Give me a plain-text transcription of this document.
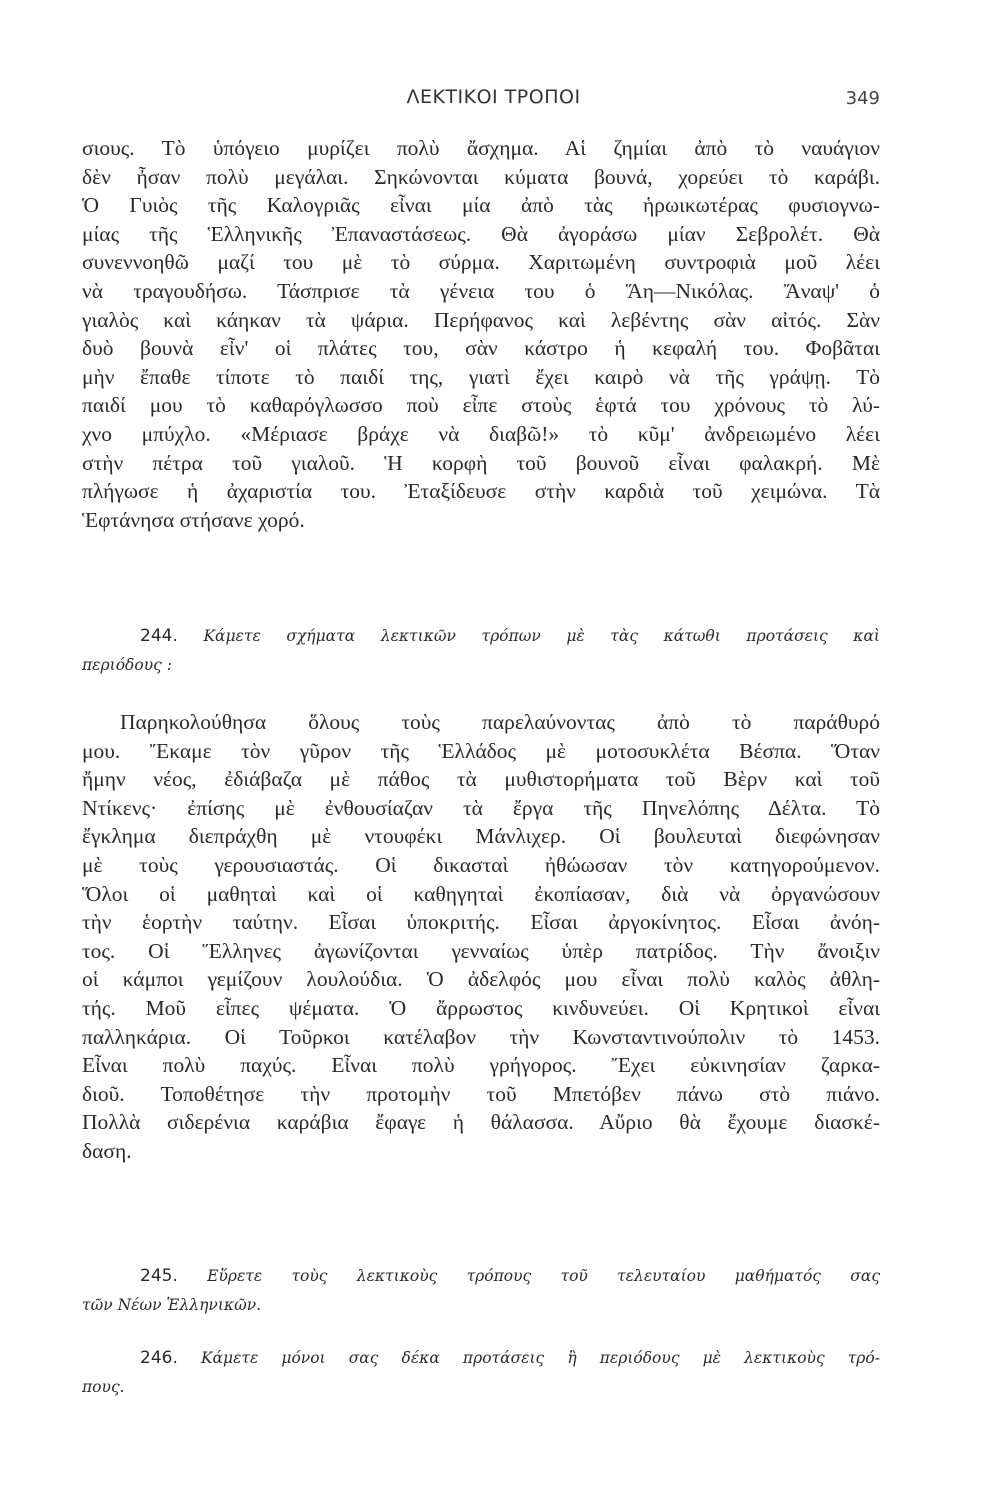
ΛΕΚΤΙΚΟΙ ΤΡΟΠΟΙ	349
σιους. Τὸ ὑπόγειο μυρίζει πολὺ ἄσχημα. Αἱ ζημίαι ἀπὸ τὸ ναυάγιον
δὲν ἦσαν πολὺ μεγάλαι. Σηκώνονται κύματα βουνά, χορεύει τὸ καράβι.
Ὁ Γυιὸς τῆς Καλογριᾶς εἶναι μία ἀπὸ τὰς ἡρωικωτέρας φυσιογνω-
μίας τῆς Ἑλληνικῆς Ἐπαναστάσεως. Θὰ ἀγοράσω μίαν Σεβρολέτ. Θὰ
συνεννοηθῶ μαζί του μὲ τὸ σύρμα. Χαριτωμένη συντροφιὰ μοῦ λέει
νὰ τραγουδήσω. Τάσπρισε τὰ γένεια του ὁ Ἅη—Νικόλας. Ἄναψ' ὁ
γιαλὸς καὶ κάηκαν τὰ ψάρια. Περήφανος καὶ λεβέντης σὰν αἰτός. Σὰν
δυὸ βουνὰ εἶν' οἱ πλάτες του, σὰν κάστρο ἡ κεφαλή του. Φοβᾶται
μὴν ἔπαθε τίποτε τὸ παιδί της, γιατὶ ἔχει καιρὸ νὰ τῆς γράψῃ. Τὸ
παιδί μου τὸ καθαρόγλωσσο ποὺ εἶπε στοὺς ἑφτά του χρόνους τὸ λύ-
χνο μπύχλο. «Μέριασε βράχε νὰ διαβῶ!» τὸ κῦμ' ἀνδρειωμένο λέει
στὴν πέτρα τοῦ γιαλοῦ. Ἡ κορφὴ τοῦ βουνοῦ εἶναι φαλακρή. Μὲ
πλήγωσε ἡ ἀχαριστία του. Ἐταξίδευσε στὴν καρδιὰ τοῦ χειμώνα. Τὰ
Ἑφτάνησα στήσανε χορό.
244. Κάμετε σχήματα λεκτικῶν τρόπων μὲ τὰς κάτωθι προτάσεις καὶ
περιόδους :
Παρηκολούθησα ὅλους τοὺς παρελαύνοντας ἀπὸ τὸ παράθυρό
μου. Ἔκαμε τὸν γῦρον τῆς Ἑλλάδος μὲ μοτοσυκλέτα Βέσπα. Ὅταν
ἤμην νέος, ἐδιάβαζα μὲ πάθος τὰ μυθιστορήματα τοῦ Βὲρν καὶ τοῦ
Ντίκενς· ἐπίσης μὲ ἐνθουσίαζαν τὰ ἔργα τῆς Πηνελόπης Δέλτα. Τὸ
ἔγκλημα διεπράχθη μὲ ντουφέκι Μάνλιχερ. Οἱ βουλευταὶ διεφώνησαν
μὲ τοὺς γερουσιαστάς. Οἱ δικασταὶ ἠθώωσαν τὸν κατηγορούμενον.
Ὅλοι οἱ μαθηταὶ καὶ οἱ καθηγηταὶ ἐκοπίασαν, διὰ νὰ ὀργανώσουν
τὴν ἑορτὴν ταύτην. Εἶσαι ὑποκριτής. Εἶσαι ἀργοκίνητος. Εἶσαι ἀνόη-
τος. Οἱ Ἕλληνες ἀγωνίζονται γενναίως ὑπὲρ πατρίδος. Τὴν ἄνοιξιν
οἱ κάμποι γεμίζουν λουλούδια. Ὁ ἀδελφός μου εἶναι πολὺ καλὸς ἀθλη-
τής. Μοῦ εἶπες ψέματα. Ὁ ἄρρωστος κινδυνεύει. Οἱ Κρητικοὶ εἶναι
παλληκάρια. Οἱ Τοῦρκοι κατέλαβον τὴν Κωνσταντινούπολιν τὸ 1453.
Εἶναι πολὺ παχύς. Εἶναι πολὺ γρήγορος. Ἔχει εὐκινησίαν ζαρκα-
διοῦ. Τοποθέτησε τὴν προτομὴν τοῦ Μπετόβεν πάνω στὸ πιάνο.
Πολλὰ σιδερένια καράβια ἔφαγε ἡ θάλασσα. Αὔριο θὰ ἔχουμε διασκέ-
δαση.
245. Εὕρετε τοὺς λεκτικοὺς τρόπους τοῦ τελευταίου μαθήματός σας
τῶν Νέων Ἑλληνικῶν.
246. Κάμετε μόνοι σας δέκα προτάσεις ἢ περιόδους μὲ λεκτικοὺς τρό-
πους.
